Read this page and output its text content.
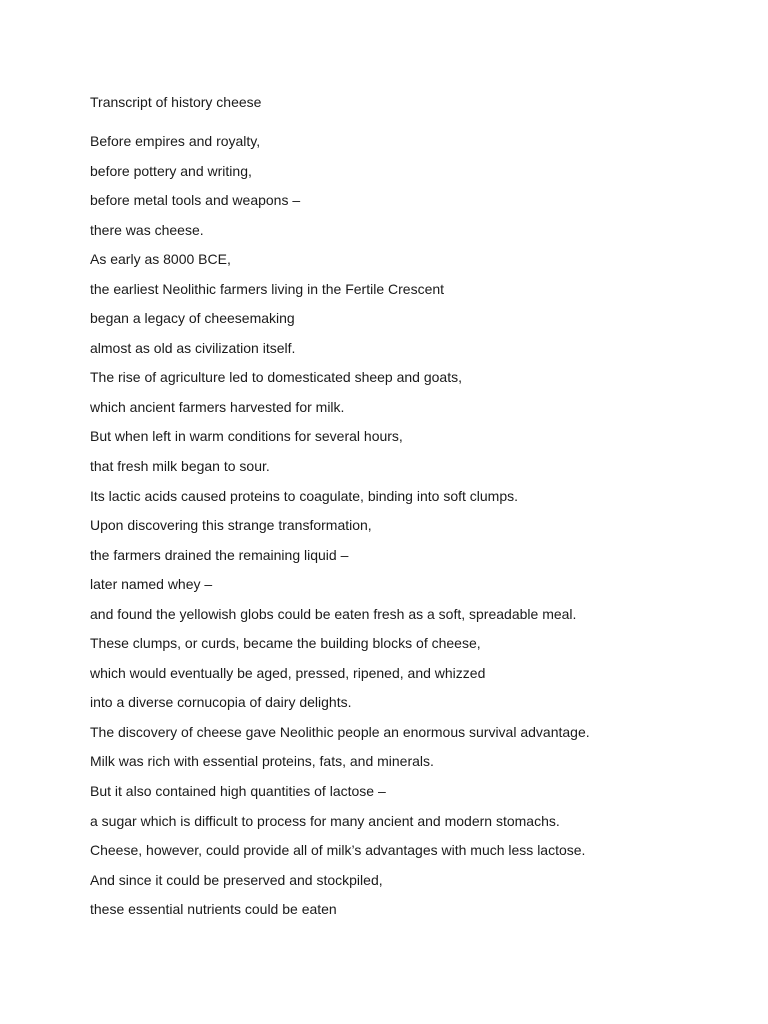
Transcript of history cheese
Before empires and royalty,
before pottery and writing,
before metal tools and weapons –
there was cheese.
As early as 8000 BCE,
the earliest Neolithic farmers living in the Fertile Crescent
began a legacy of cheesemaking
almost as old as civilization itself.
The rise of agriculture led to domesticated sheep and goats,
which ancient farmers harvested for milk.
But when left in warm conditions for several hours,
that fresh milk began to sour.
Its lactic acids caused proteins to coagulate, binding into soft clumps.
Upon discovering this strange transformation,
the farmers drained the remaining liquid –
later named whey –
and found the yellowish globs could be eaten fresh as a soft, spreadable meal.
These clumps, or curds, became the building blocks of cheese,
which would eventually be aged, pressed, ripened, and whizzed
into a diverse cornucopia of dairy delights.
The discovery of cheese gave Neolithic people an enormous survival advantage.
Milk was rich with essential proteins, fats, and minerals.
But it also contained high quantities of lactose –
a sugar which is difficult to process for many ancient and modern stomachs.
Cheese, however, could provide all of milk’s advantages with much less lactose.
And since it could be preserved and stockpiled,
these essential nutrients could be eaten
